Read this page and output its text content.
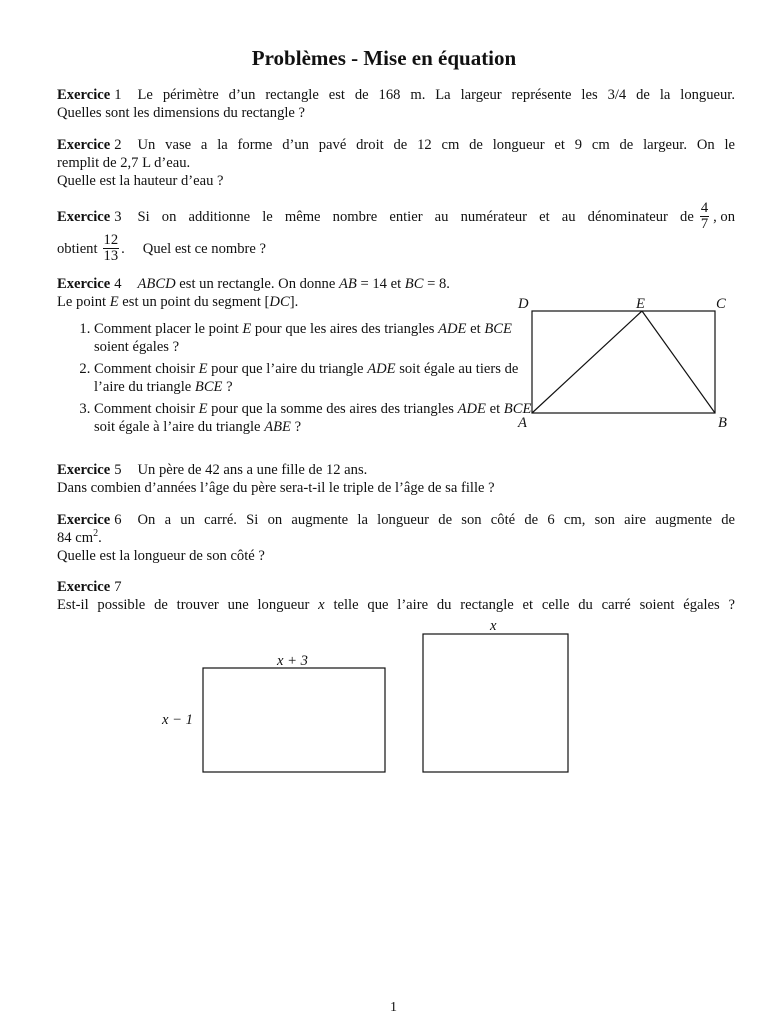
Problèmes - Mise en équation
Exercice 1 Le périmètre d’un rectangle est de 168 m. La largeur représente les 3/4 de la longueur.
Quelles sont les dimensions du rectangle ?
Exercice 2 Un vase a la forme d’un pavé droit de 12 cm de longueur et 9 cm de largeur. On le
remplit de 2,7 L d’eau.
Quelle est la hauteur d’eau ?
Exercice 3 Si on additionne le même nombre entier au numérateur et au dénominateur de $\frac{4}{7}$ , on
obtient $\frac{12}{13}$ . Quel est ce nombre ?
Exercice 4 ABCD est un rectangle. On donne AB = 14 et BC = 8.
Le point E est un point du segment [DC].
1. Comment placer le point E pour que les aires des triangles ADE et BCE soient égales ?
2. Comment choisir E pour que l’aire du triangle ADE soit égale au tiers de l’aire du triangle BCE ?
3. Comment choisir E pour que la somme des aires des triangles ADE et BCE soit égale à l’aire du triangle ABE ?
D	E	C
A	B
Exercice 5 Un père de 42 ans a une fille de 12 ans.
Dans combien d’années l’âge du père sera-t-il le triple de l’âge de sa fille ?
Exercice 6 On a un carré. Si on augmente la longueur de son côté de 6 cm, son aire augmente de
84 $cm^2$.
Quelle est la longueur de son côté ?
Exercice 7
Est-il possible de trouver une longueur x telle que l’aire du rectangle et celle du carré soient égales ?
x + 3
x − 1
x
1
